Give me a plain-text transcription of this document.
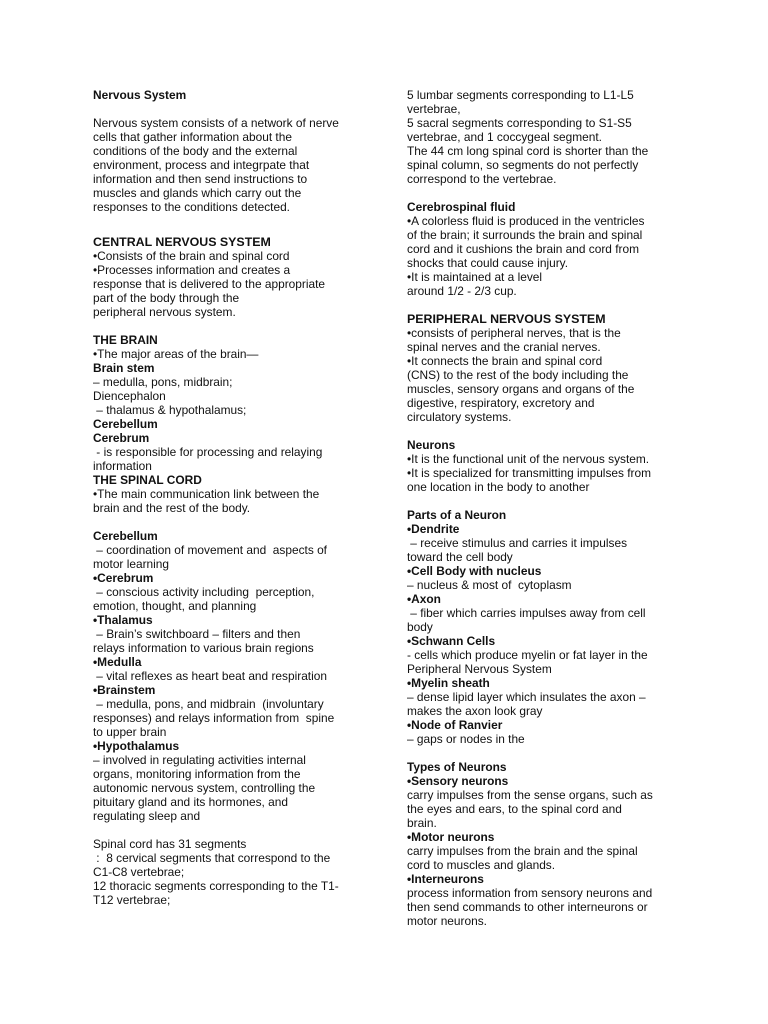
Nervous System
Nervous system consists of a network of nerve
cells that gather information about the
conditions of the body and the external
environment, process and integrpate that
information and then send instructions to
muscles and glands which carry out the
responses to the conditions detected.
CENTRAL NERVOUS SYSTEM
•Consists of the brain and spinal cord
•Processes information and creates a
response that is delivered to the appropriate
part of the body through the
peripheral nervous system.
THE BRAIN
•The major areas of the brain—
Brain stem
– medulla, pons, midbrain;
Diencephalon
– thalamus & hypothalamus;
Cerebellum
Cerebrum
- is responsible for processing and relaying
information
THE SPINAL CORD
•The main communication link between the
brain and the rest of the body.
Cerebellum
– coordination of movement and  aspects of
motor learning
•Cerebrum
– conscious activity including  perception,
emotion, thought, and planning
•Thalamus
– Brain’s switchboard – filters and then
relays information to various brain regions
•Medulla
– vital reflexes as heart beat and respiration
•Brainstem
– medulla, pons, and midbrain  (involuntary
responses) and relays information from  spine
to upper brain
•Hypothalamus
– involved in regulating activities internal
organs, monitoring information from the
autonomic nervous system, controlling the
pituitary gland and its hormones, and
regulating sleep and
Spinal cord has 31 segments
:  8 cervical segments that correspond to the
C1-C8 vertebrae;
12 thoracic segments corresponding to the T1-
T12 vertebrae;
5 lumbar segments corresponding to L1-L5
vertebrae,
5 sacral segments corresponding to S1-S5
vertebrae, and 1 coccygeal segment.
The 44 cm long spinal cord is shorter than the
spinal column, so segments do not perfectly
correspond to the vertebrae.
Cerebrospinal fluid
•A colorless fluid is produced in the ventricles
of the brain; it surrounds the brain and spinal
cord and it cushions the brain and cord from
shocks that could cause injury.
•It is maintained at a level
around 1/2 - 2/3 cup.
PERIPHERAL NERVOUS SYSTEM
•consists of peripheral nerves, that is the
spinal nerves and the cranial nerves.
•It connects the brain and spinal cord
(CNS) to the rest of the body including the
muscles, sensory organs and organs of the
digestive, respiratory, excretory and
circulatory systems.
Neurons
•It is the functional unit of the nervous system.
•It is specialized for transmitting impulses from
one location in the body to another
Parts of a Neuron
•Dendrite
– receive stimulus and carries it impulses
toward the cell body
•Cell Body with nucleus
– nucleus & most of  cytoplasm
•Axon
– fiber which carries impulses away from cell
body
•Schwann Cells
- cells which produce myelin or fat layer in the
Peripheral Nervous System
•Myelin sheath
– dense lipid layer which insulates the axon –
makes the axon look gray
•Node of Ranvier
– gaps or nodes in the
Types of Neurons
•Sensory neurons
carry impulses from the sense organs, such as
the eyes and ears, to the spinal cord and
brain.
•Motor neurons
carry impulses from the brain and the spinal
cord to muscles and glands.
•Interneurons
process information from sensory neurons and
then send commands to other interneurons or
motor neurons.
